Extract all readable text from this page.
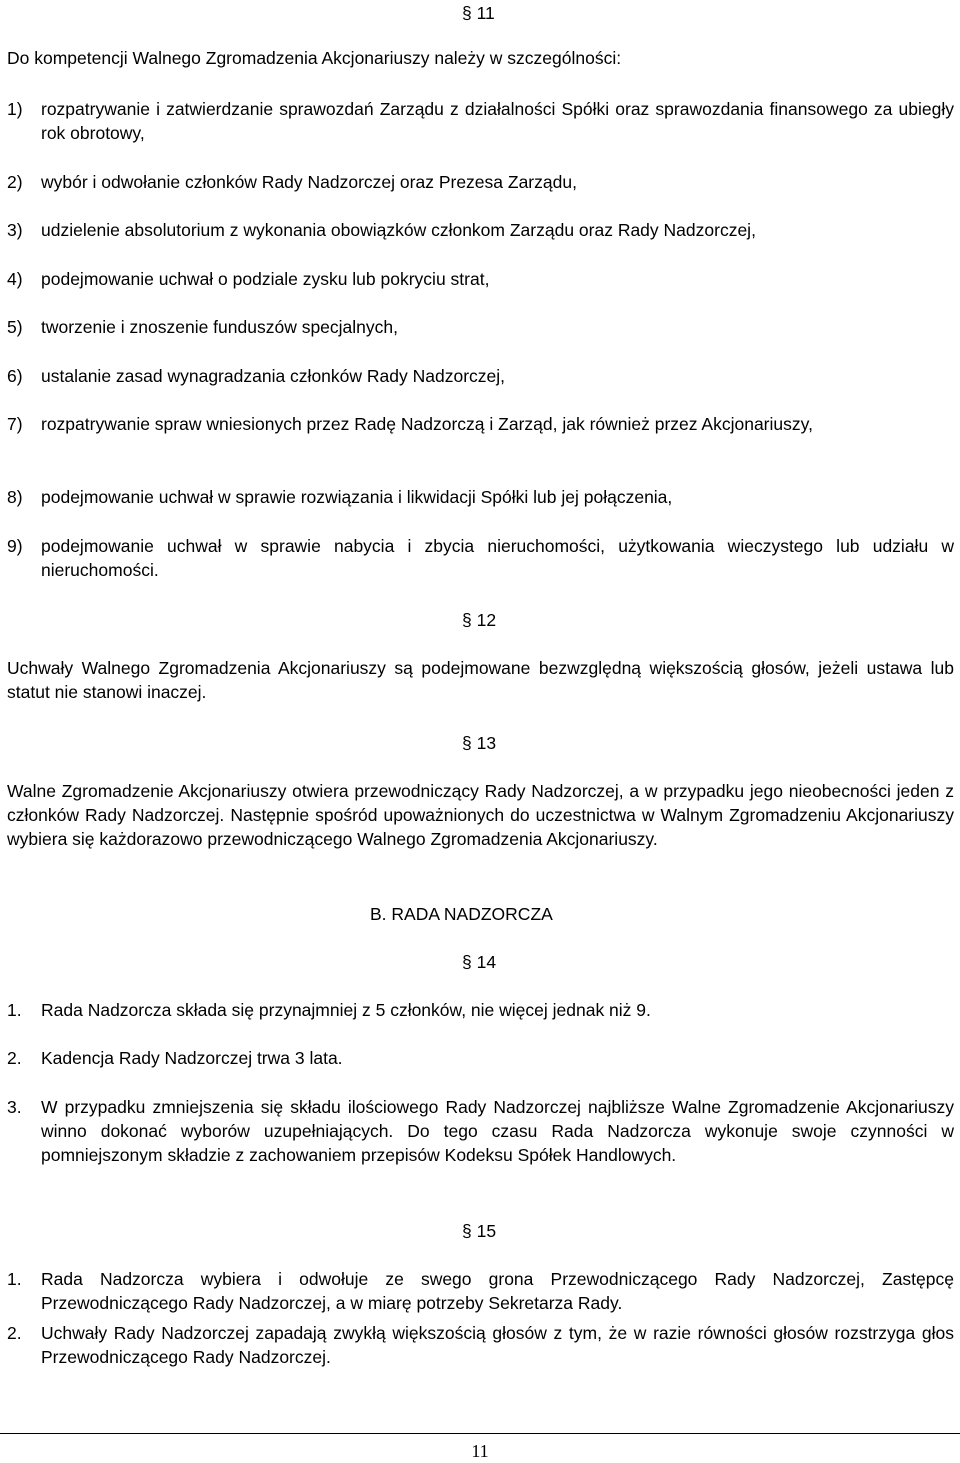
§ 11
Do kompetencji Walnego Zgromadzenia Akcjonariuszy należy w szczególności:
1) rozpatrywanie i zatwierdzanie sprawozdań Zarządu z działalności Spółki oraz sprawozdania finansowego za ubiegły rok obrotowy,
2) wybór i odwołanie członków Rady Nadzorczej oraz Prezesa Zarządu,
3) udzielenie absolutorium z wykonania obowiązków członkom Zarządu oraz Rady Nadzorczej,
4) podejmowanie uchwał o podziale zysku lub pokryciu strat,
5) tworzenie i znoszenie funduszów specjalnych,
6) ustalanie zasad wynagradzania członków Rady Nadzorczej,
7) rozpatrywanie spraw wniesionych przez Radę Nadzorczą i Zarząd, jak również przez Akcjonariuszy,
8) podejmowanie uchwał w sprawie rozwiązania i likwidacji Spółki lub jej połączenia,
9) podejmowanie uchwał w sprawie nabycia i zbycia nieruchomości, użytkowania wieczystego lub udziału w nieruchomości.
§ 12
Uchwały Walnego Zgromadzenia Akcjonariuszy są podejmowane bezwzględną większością głosów, jeżeli ustawa lub statut nie stanowi inaczej.
§ 13
Walne Zgromadzenie Akcjonariuszy otwiera przewodniczący Rady Nadzorczej, a w przypadku jego nieobecności jeden z członków Rady Nadzorczej. Następnie spośród upoważnionych do uczestnictwa w Walnym Zgromadzeniu Akcjonariuszy wybiera się każdorazowo przewodniczącego Walnego Zgromadzenia Akcjonariuszy.
B. RADA NADZORCZA
§ 14
1. Rada Nadzorcza składa się przynajmniej z 5 członków, nie więcej jednak niż 9.
2. Kadencja Rady Nadzorczej trwa 3 lata.
3. W przypadku zmniejszenia się składu ilościowego Rady Nadzorczej najbliższe Walne Zgromadzenie Akcjonariuszy winno dokonać wyborów uzupełniających. Do tego czasu Rada Nadzorcza wykonuje swoje czynności w pomniejszonym składzie z zachowaniem przepisów Kodeksu Spółek Handlowych.
§ 15
1. Rada Nadzorcza wybiera i odwołuje ze swego grona Przewodniczącego Rady Nadzorczej, Zastępcę Przewodniczącego Rady Nadzorczej, a w miarę potrzeby Sekretarza Rady.
2. Uchwały Rady Nadzorczej zapadają zwykłą większością głosów z tym, że w razie równości głosów rozstrzyga głos Przewodniczącego Rady Nadzorczej.
11
